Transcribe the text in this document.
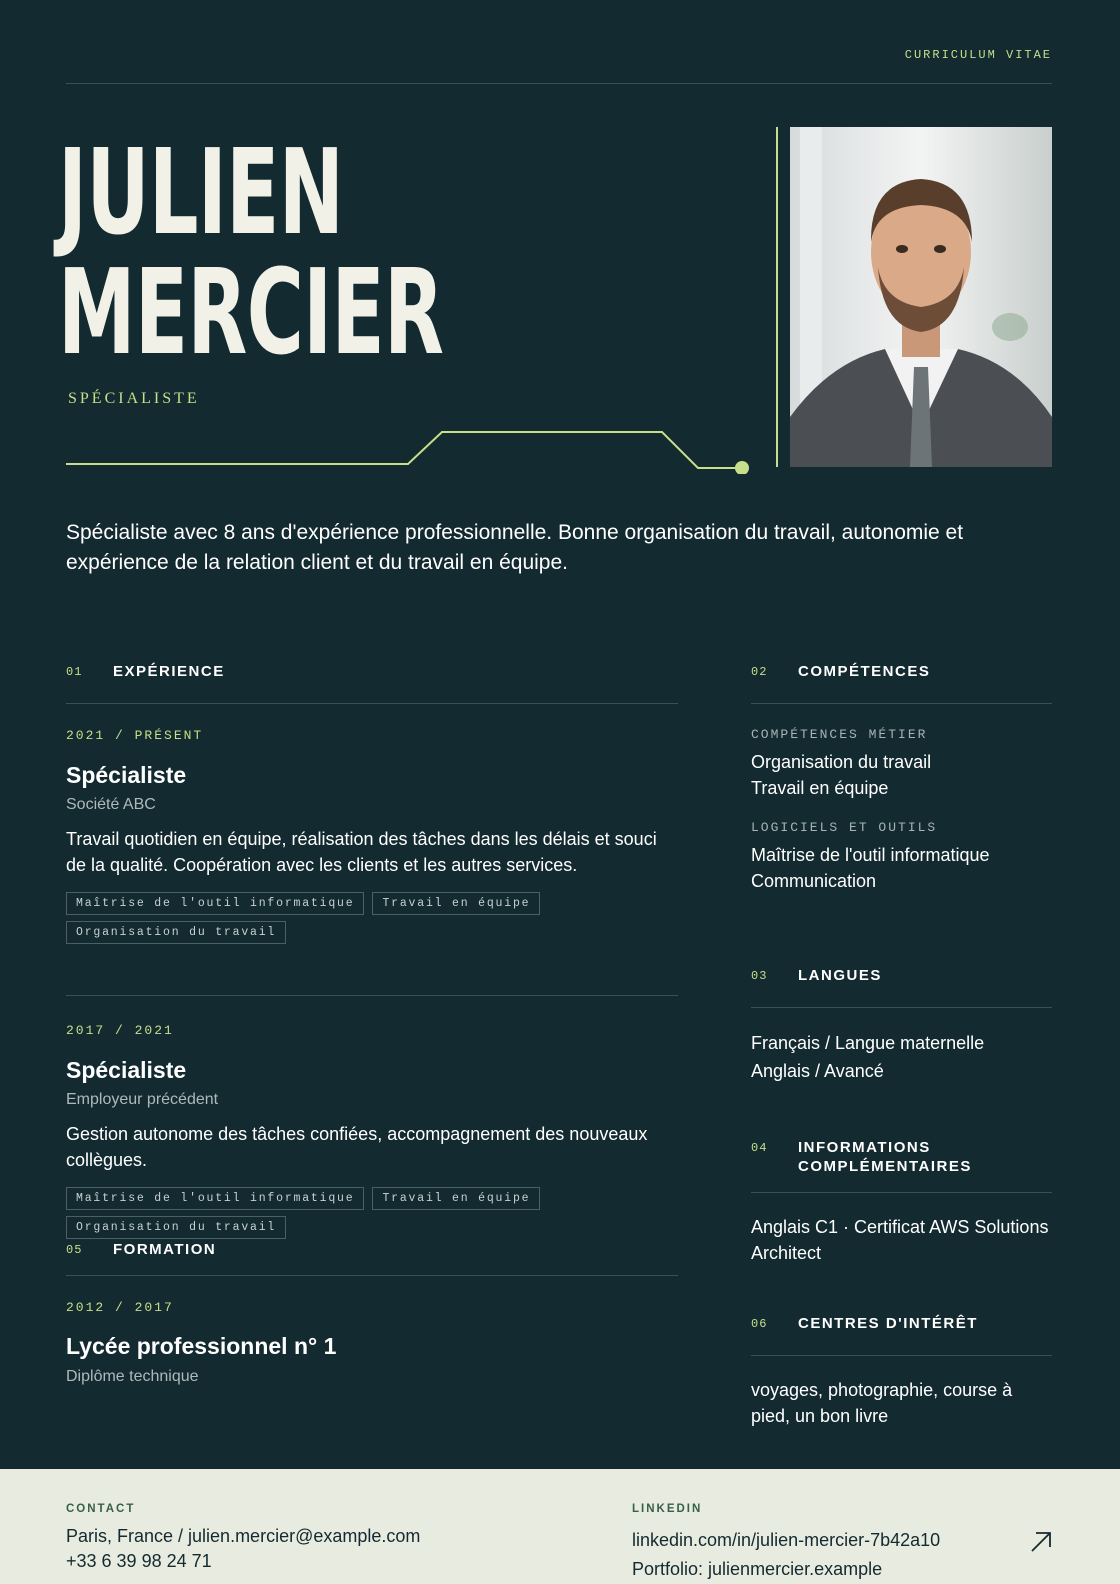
CURRICULUM VITAE
JULIEN
MERCIER
SPÉCIALISTE
Spécialiste avec 8 ans d'expérience professionnelle. Bonne organisation du travail, autonomie et expérience de la relation client et du travail en équipe.
01	EXPÉRIENCE
2021 / PRÉSENT
Spécialiste
Société ABC
Travail quotidien en équipe, réalisation des tâches dans les délais et souci de la qualité. Coopération avec les clients et les autres services.
Maîtrise de l'outil informatique	Travail en équipe
Organisation du travail
2017 / 2021
Spécialiste
Employeur précédent
Gestion autonome des tâches confiées, accompagnement des nouveaux collègues.
Maîtrise de l'outil informatique	Travail en équipe
Organisation du travail
05	FORMATION
2012 / 2017
Lycée professionnel n° 1
Diplôme technique
02	COMPÉTENCES
COMPÉTENCES MÉTIER
Organisation du travail
Travail en équipe
LOGICIELS ET OUTILS
Maîtrise de l'outil informatique
Communication
03	LANGUES
Français / Langue maternelle
Anglais / Avancé
04	INFORMATIONS
COMPLÉMENTAIRES
Anglais C1 · Certificat AWS Solutions Architect
06	CENTRES D'INTÉRÊT
voyages, photographie, course à pied, un bon livre
CONTACT
Paris, France / julien.mercier@example.com
+33 6 39 98 24 71
LINKEDIN
linkedin.com/in/julien-mercier-7b42a10
Portfolio: julienmercier.example
